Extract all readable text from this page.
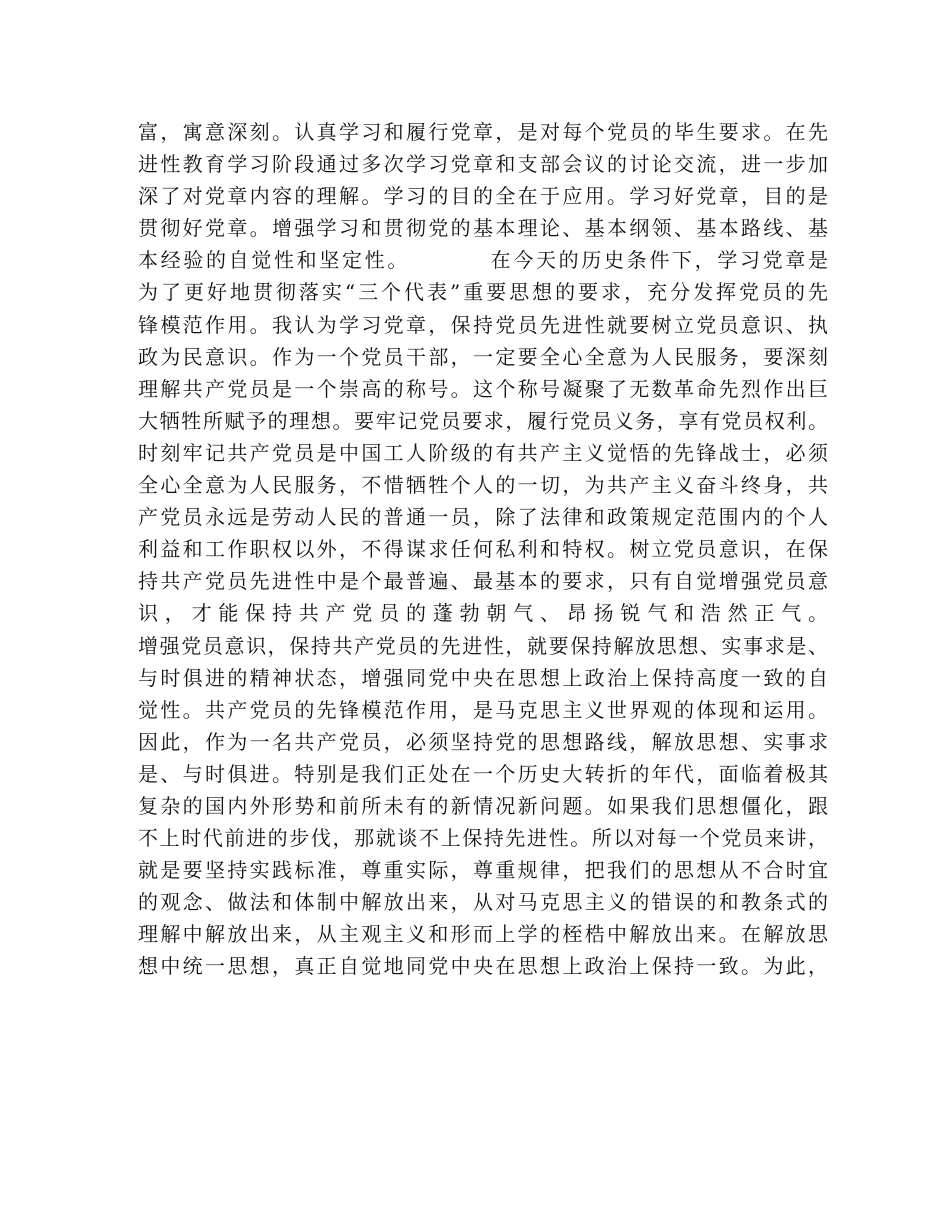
富，寓意深刻。认真学习和履行党章，是对每个党员的毕生要求。在先
进性教育学习阶段通过多次学习党章和支部会议的讨论交流，进一步加
深了对党章内容的理解。学习的目的全在于应用。学习好党章，目的是
贯彻好党章。增强学习和贯彻党的基本理论、基本纲领、基本路线、基
本经验的自觉性和坚定性。　　　　在今天的历史条件下，学习党章是
为了更好地贯彻落实“三个代表”重要思想的要求，充分发挥党员的先
锋模范作用。我认为学习党章，保持党员先进性就要树立党员意识、执
政为民意识。作为一个党员干部，一定要全心全意为人民服务，要深刻
理解共产党员是一个崇高的称号。这个称号凝聚了无数革命先烈作出巨
大牺牲所赋予的理想。要牢记党员要求，履行党员义务，享有党员权利。
时刻牢记共产党员是中国工人阶级的有共产主义觉悟的先锋战士，必须
全心全意为人民服务，不惜牺牲个人的一切，为共产主义奋斗终身，共
产党员永远是劳动人民的普通一员，除了法律和政策规定范围内的个人
利益和工作职权以外，不得谋求任何私利和特权。树立党员意识，在保
持共产党员先进性中是个最普遍、最基本的要求，只有自觉增强党员意
识，才能保持共产党员的蓬勃朝气、昂扬锐气和浩然正气。
增强党员意识，保持共产党员的先进性，就要保持解放思想、实事求是、
与时俱进的精神状态，增强同党中央在思想上政治上保持高度一致的自
觉性。共产党员的先锋模范作用，是马克思主义世界观的体现和运用。
因此，作为一名共产党员，必须坚持党的思想路线，解放思想、实事求
是、与时俱进。特别是我们正处在一个历史大转折的年代，面临着极其
复杂的国内外形势和前所未有的新情况新问题。如果我们思想僵化，跟
不上时代前进的步伐，那就谈不上保持先进性。所以对每一个党员来讲，
就是要坚持实践标准，尊重实际，尊重规律，把我们的思想从不合时宜
的观念、做法和体制中解放出来，从对马克思主义的错误的和教条式的
理解中解放出来，从主观主义和形而上学的桎梏中解放出来。在解放思
想中统一思想，真正自觉地同党中央在思想上政治上保持一致。为此，
